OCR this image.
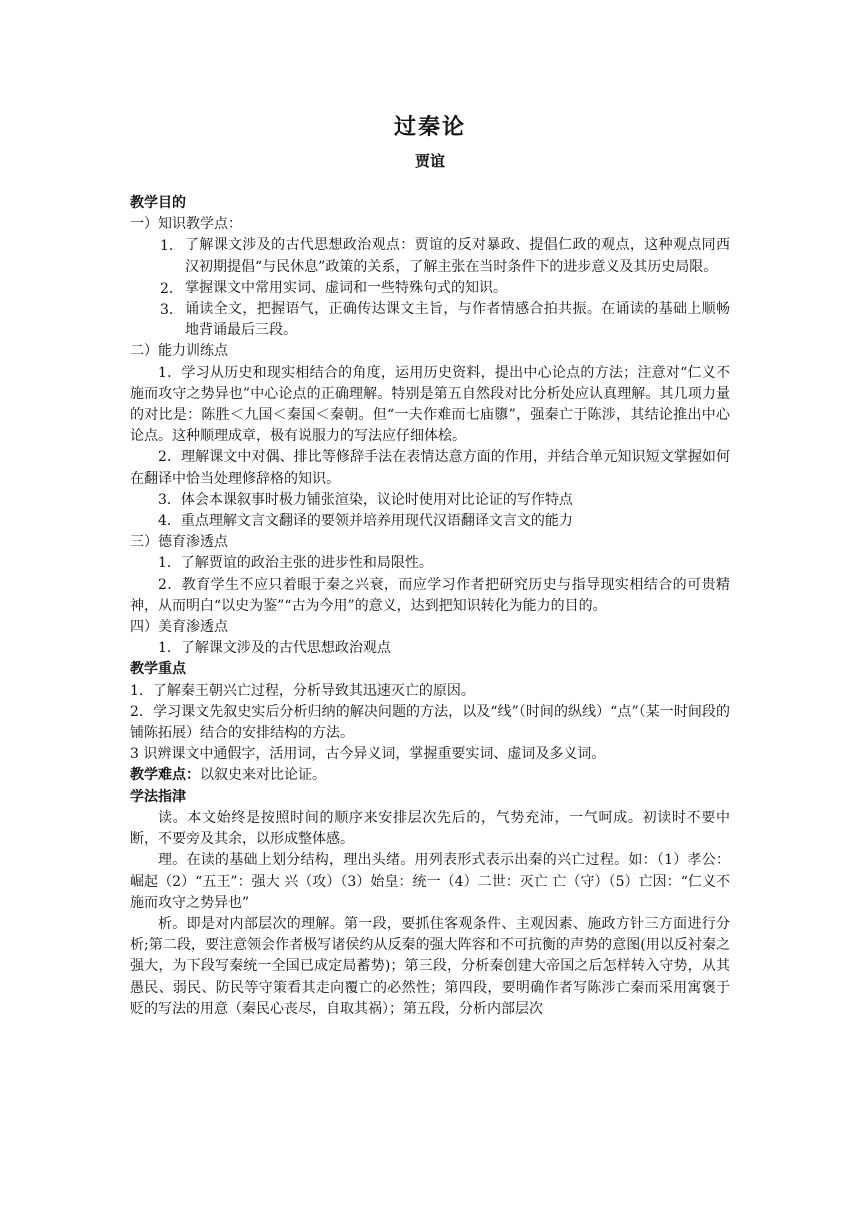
过秦论
贾谊

教学目的

一）知识教学点：

1． 了解课文涉及的古代思想政治观点：贾谊的反对暴政、提倡仁政的观点，这种观点同西汉初期提倡“与民休息”政策的关系，了解主张在当时条件下的进步意义及其历史局限。

2． 掌握课文中常用实词、虚词和一些特殊句式的知识。

3． 诵读全文，把握语气，正确传达课文主旨，与作者情感合拍共振。在诵读的基础上顺畅地背诵最后三段。

二）能力训练点

1．学习从历史和现实相结合的角度，运用历史资料，提出中心论点的方法；注意对“仁义不施而攻守之势异也”中心论点的正确理解。特别是第五自然段对比分析处应认真理解。其几项力量的对比是：陈胜＜九国＜秦国＜秦朝。但“一夫作难而七庙隳”，强秦亡于陈涉，其结论推出中心论点。这种顺理成章，极有说服力的写法应仔细体桧。

2．理解课文中对偶、排比等修辞手法在表情达意方面的作用，并结合单元知识短文掌握如何在翻译中恰当处理修辞格的知识。

3．体会本课叙事时极力铺张渲染，议论时使用对比论证的写作特点

4．重点理解文言文翻译的要领并培养用现代汉语翻译文言文的能力

三）德育渗透点

1．了解贾谊的政治主张的进步性和局限性。

2．教育学生不应只着眼于秦之兴衰，而应学习作者把研究历史与指导现实相结合的可贵精神，从而明白“以史为鉴”“古为今用”的意义，达到把知识转化为能力的目的。

四）美育渗透点

1．了解课文涉及的古代思想政治观点

教学重点

1．了解秦王朝兴亡过程，分析导致其迅速灭亡的原因。

2．学习课文先叙史实后分析归纳的解决问题的方法，以及“线”（时间的纵线）“点”（某一时间段的铺陈拓展）结合的安排结构的方法。

3 识辨课文中通假字，活用词，古今异义词，掌握重要实词、虚词及多义词。

教学难点：以叙史来对比论证。

学法指津

读。本文始终是按照时间的顺序来安排层次先后的，气势充沛，一气呵成。初读时不要中断，不要旁及其余，以形成整体感。

理。在读的基础上划分结构，理出头绪。用列表形式表示出秦的兴亡过程。如：（1）孝公：崛起（2）“五王”：强大 兴（攻）（3）始皇：统一（4）二世：灭亡 亡（守）（5）亡因：“仁义不施而攻守之势异也”

析。即是对内部层次的理解。第一段，要抓住客观条件、主观因素、施政方针三方面进行分析;第二段，要注意领会作者极写诸侯约从反秦的强大阵容和不可抗衡的声势的意图(用以反衬秦之强大，为下段写秦统一全国已成定局蓄势)；第三段，分析秦创建大帝国之后怎样转入守势，从其愚民、弱民、防民等守策看其走向覆亡的必然性；第四段，要明确作者写陈涉亡秦而采用寓褒于贬的写法的用意（秦民心丧尽，自取其祸）；第五段，分析内部层次
